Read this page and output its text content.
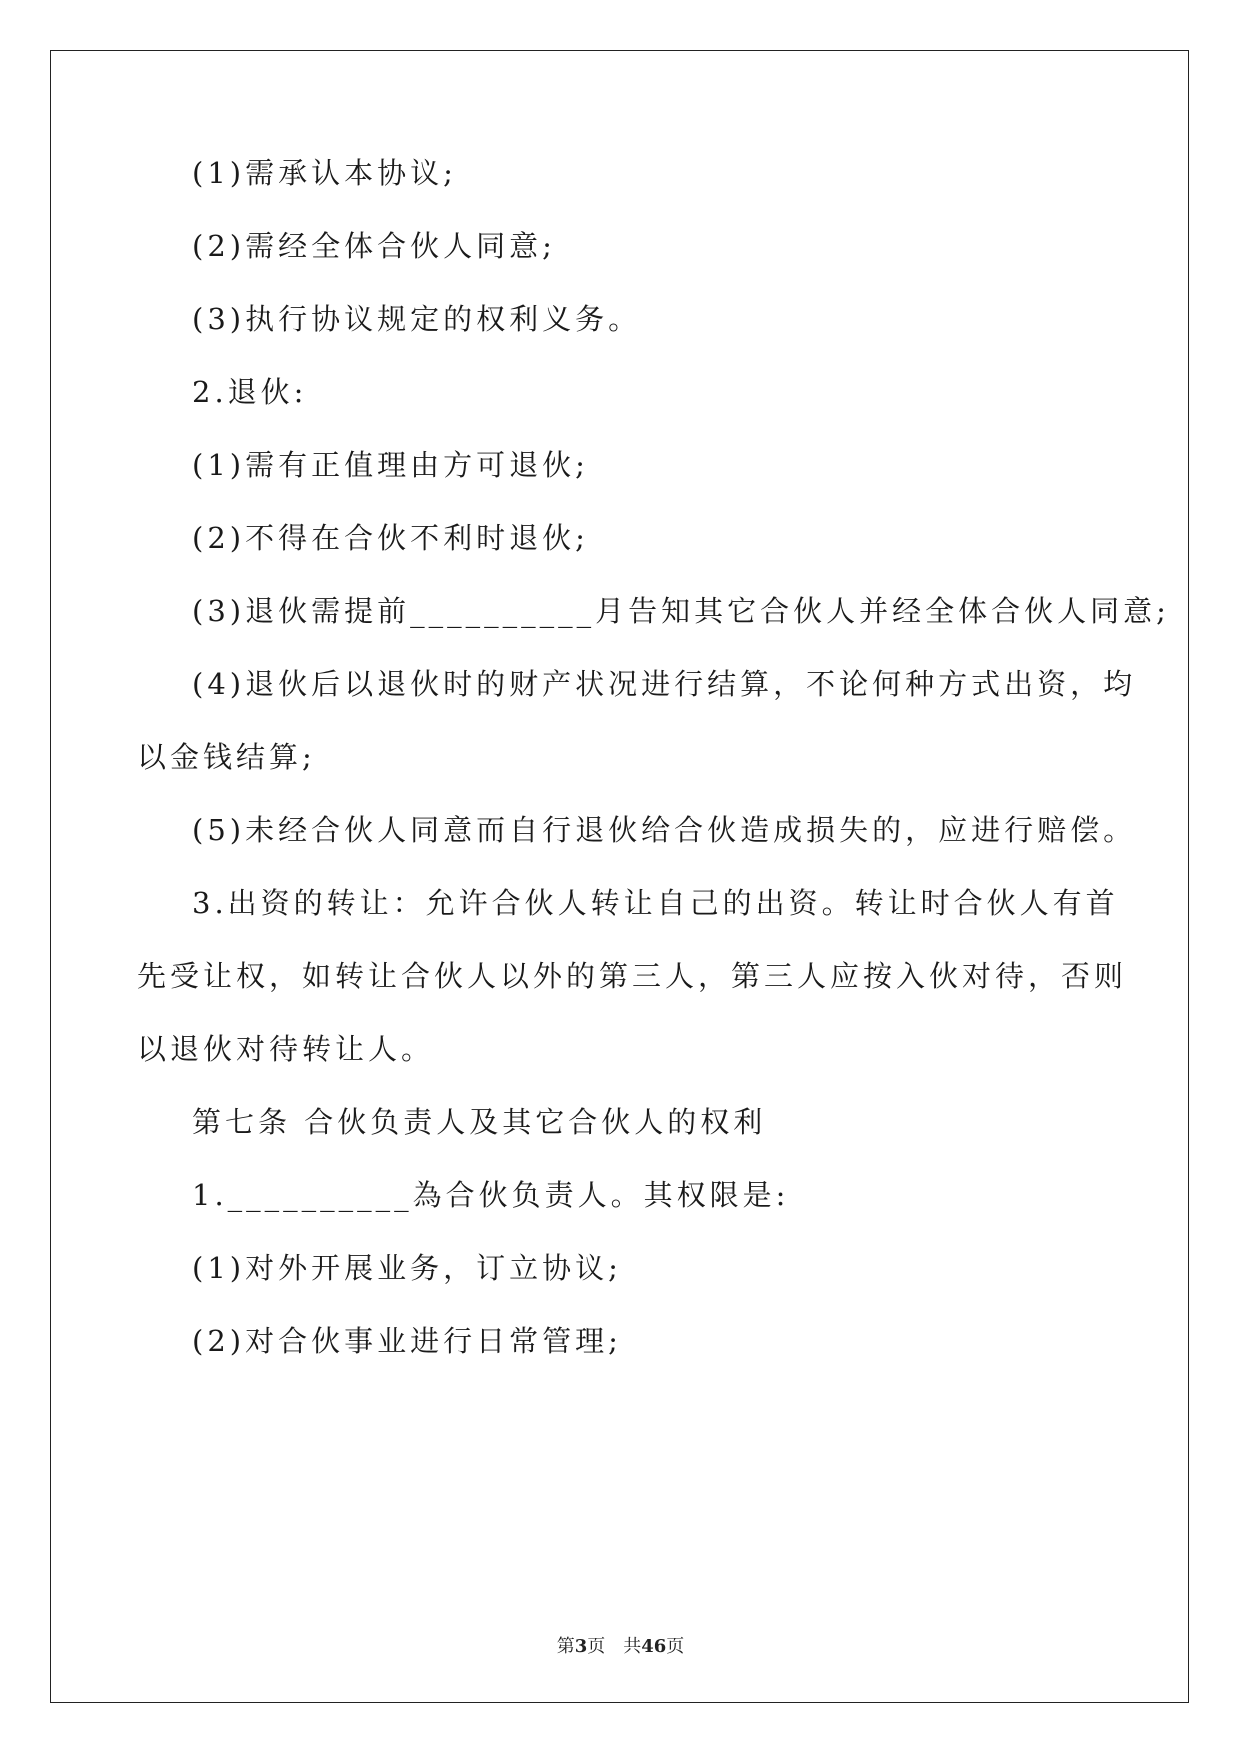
(1)需承认本协议;
(2)需经全体合伙人同意;
(3)执行协议规定的权利义务。
2.退伙:
(1)需有正值理由方可退伙;
(2)不得在合伙不利时退伙;
(3)退伙需提前__________月告知其它合伙人并经全体合伙人同意;
(4)退伙后以退伙时的财产状况进行结算，不论何种方式出资，均
以金钱结算;
(5)未经合伙人同意而自行退伙给合伙造成损失的，应进行赔偿。
3.出资的转让：允许合伙人转让自己的出资。转让时合伙人有首
先受让权，如转让合伙人以外的第三人，第三人应按入伙对待，否则
以退伙对待转让人。
第七条 合伙负责人及其它合伙人的权利
1.__________為合伙负责人。其权限是:
(1)对外开展业务，订立协议;
(2)对合伙事业进行日常管理;
第3页　共46页
